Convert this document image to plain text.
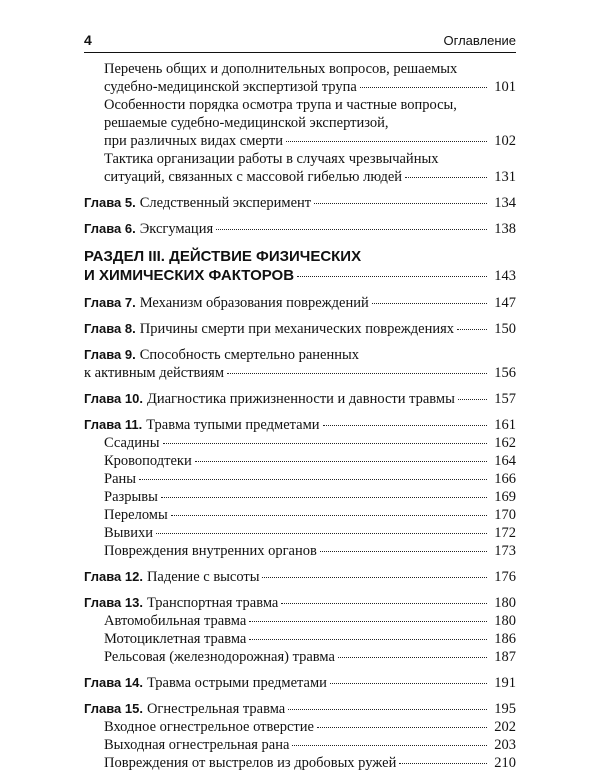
4	Оглавление
Перечень общих и дополнительных вопросов, решаемых
судебно-медицинской экспертизой трупа	101
Особенности порядка осмотра трупа и частные вопросы,
решаемые судебно-медицинской экспертизой,
при различных видах смерти	102
Тактика организации работы в случаях чрезвычайных
ситуаций, связанных с массовой гибелью людей	131
Глава 5. Следственный эксперимент	134
Глава 6. Эксгумация	138
РАЗДЕЛ III. ДЕЙСТВИЕ ФИЗИЧЕСКИХ
И ХИМИЧЕСКИХ ФАКТОРОВ	143
Глава 7. Механизм образования повреждений	147
Глава 8. Причины смерти при механических повреждениях	150
Глава 9. Способность смертельно раненных
к активным действиям	156
Глава 10. Диагностика прижизненности и давности травмы	157
Глава 11. Травма тупыми предметами	161
Ссадины	162
Кровоподтеки	164
Раны	166
Разрывы	169
Переломы	170
Вывихи	172
Повреждения внутренних органов	173
Глава 12. Падение с высоты	176
Глава 13. Транспортная травма	180
Автомобильная травма	180
Мотоциклетная травма	186
Рельсовая (железнодорожная) травма	187
Глава 14. Травма острыми предметами	191
Глава 15. Огнестрельная травма	195
Входное огнестрельное отверстие	202
Выходная огнестрельная рана	203
Повреждения от выстрелов из дробовых ружей	210
